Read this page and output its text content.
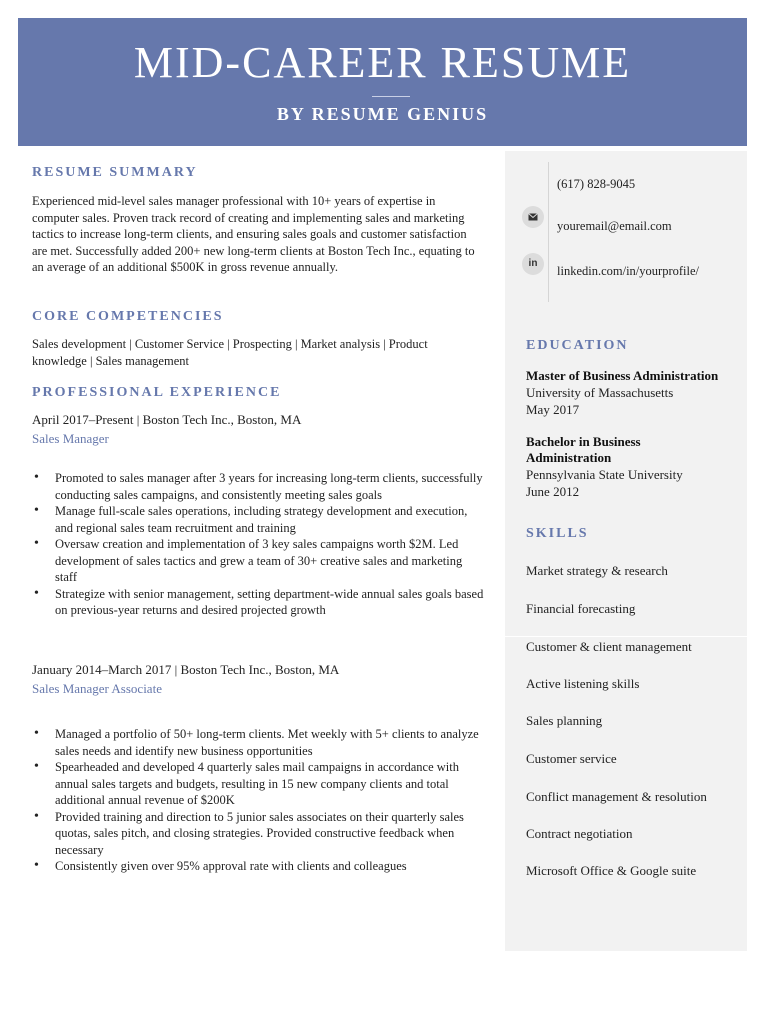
MID-CAREER RESUME
BY RESUME GENIUS
RESUME SUMMARY
Experienced mid-level sales manager professional with 10+ years of expertise in computer sales. Proven track record of creating and implementing sales and marketing tactics to increase long-term clients, and ensuring sales goals and customer satisfaction are met. Successfully added 200+ new long-term clients at Boston Tech Inc., equating to an average of an additional $500K in gross revenue annually.
CORE COMPETENCIES
Sales development | Customer Service | Prospecting | Market analysis | Product knowledge | Sales management
PROFESSIONAL EXPERIENCE
April 2017–Present | Boston Tech Inc., Boston, MA
Sales Manager
• Promoted to sales manager after 3 years for increasing long-term clients, successfully conducting sales campaigns, and consistently meeting sales goals
• Manage full-scale sales operations, including strategy development and execution, and regional sales team recruitment and training
• Oversaw creation and implementation of 3 key sales campaigns worth $2M. Led development of sales tactics and grew a team of 30+ creative sales and marketing staff
• Strategize with senior management, setting department-wide annual sales goals based on previous-year returns and desired projected growth
January 2014–March 2017 | Boston Tech Inc., Boston, MA
Sales Manager Associate
• Managed a portfolio of 50+ long-term clients. Met weekly with 5+ clients to analyze sales needs and identify new business opportunities
• Spearheaded and developed 4 quarterly sales mail campaigns in accordance with annual sales targets and budgets, resulting in 15 new company clients and total additional annual revenue of $200K
• Provided training and direction to 5 junior sales associates on their quarterly sales quotas, sales pitch, and closing strategies. Provided constructive feedback when necessary
• Consistently given over 95% approval rate with clients and colleagues
(617) 828-9045
youremail@email.com
in
linkedin.com/in/yourprofile/
EDUCATION
Master of Business Administration
University of Massachusetts
May 2017
Bachelor in Business Administration
Pennsylvania State University
June 2012
SKILLS
Market strategy & research
Financial forecasting
Customer & client management
Active listening skills
Sales planning
Customer service
Conflict management & resolution
Contract negotiation
Microsoft Office & Google suite
